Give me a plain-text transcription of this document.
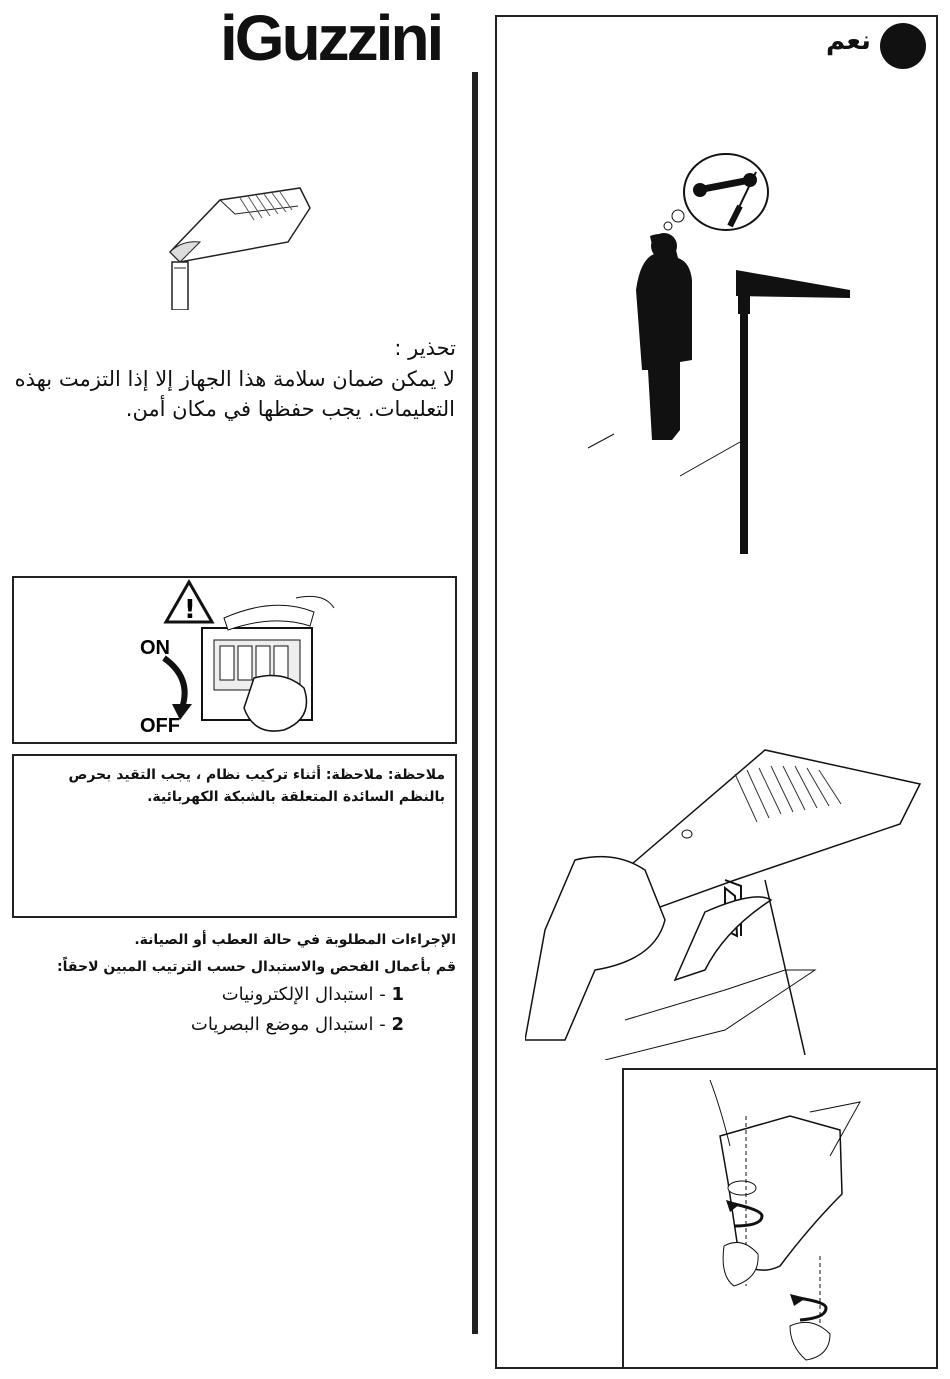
iGuzzini
تحذير :
لا يمكن ضمان سلامة هذا الجهاز إلا إذا التزمت بهذه التعليمات. يجب حفظها في مكان أمن.
!
ON
OFF
ملاحظة: ملاحظة: أثناء تركيب نظام ، يجب التقيد بحرص بالنظم السائدة المتعلقة بالشبكة الكهربائية.
الإجراءات المطلوبة في حالة العطب أو الصيانة.
قم بأعمال الفحص والاستبدال حسب الترتيب المبين لاحقاً:
1 - استبدال الإلكترونيات
2 - استبدال موضع البصريات
نعم
